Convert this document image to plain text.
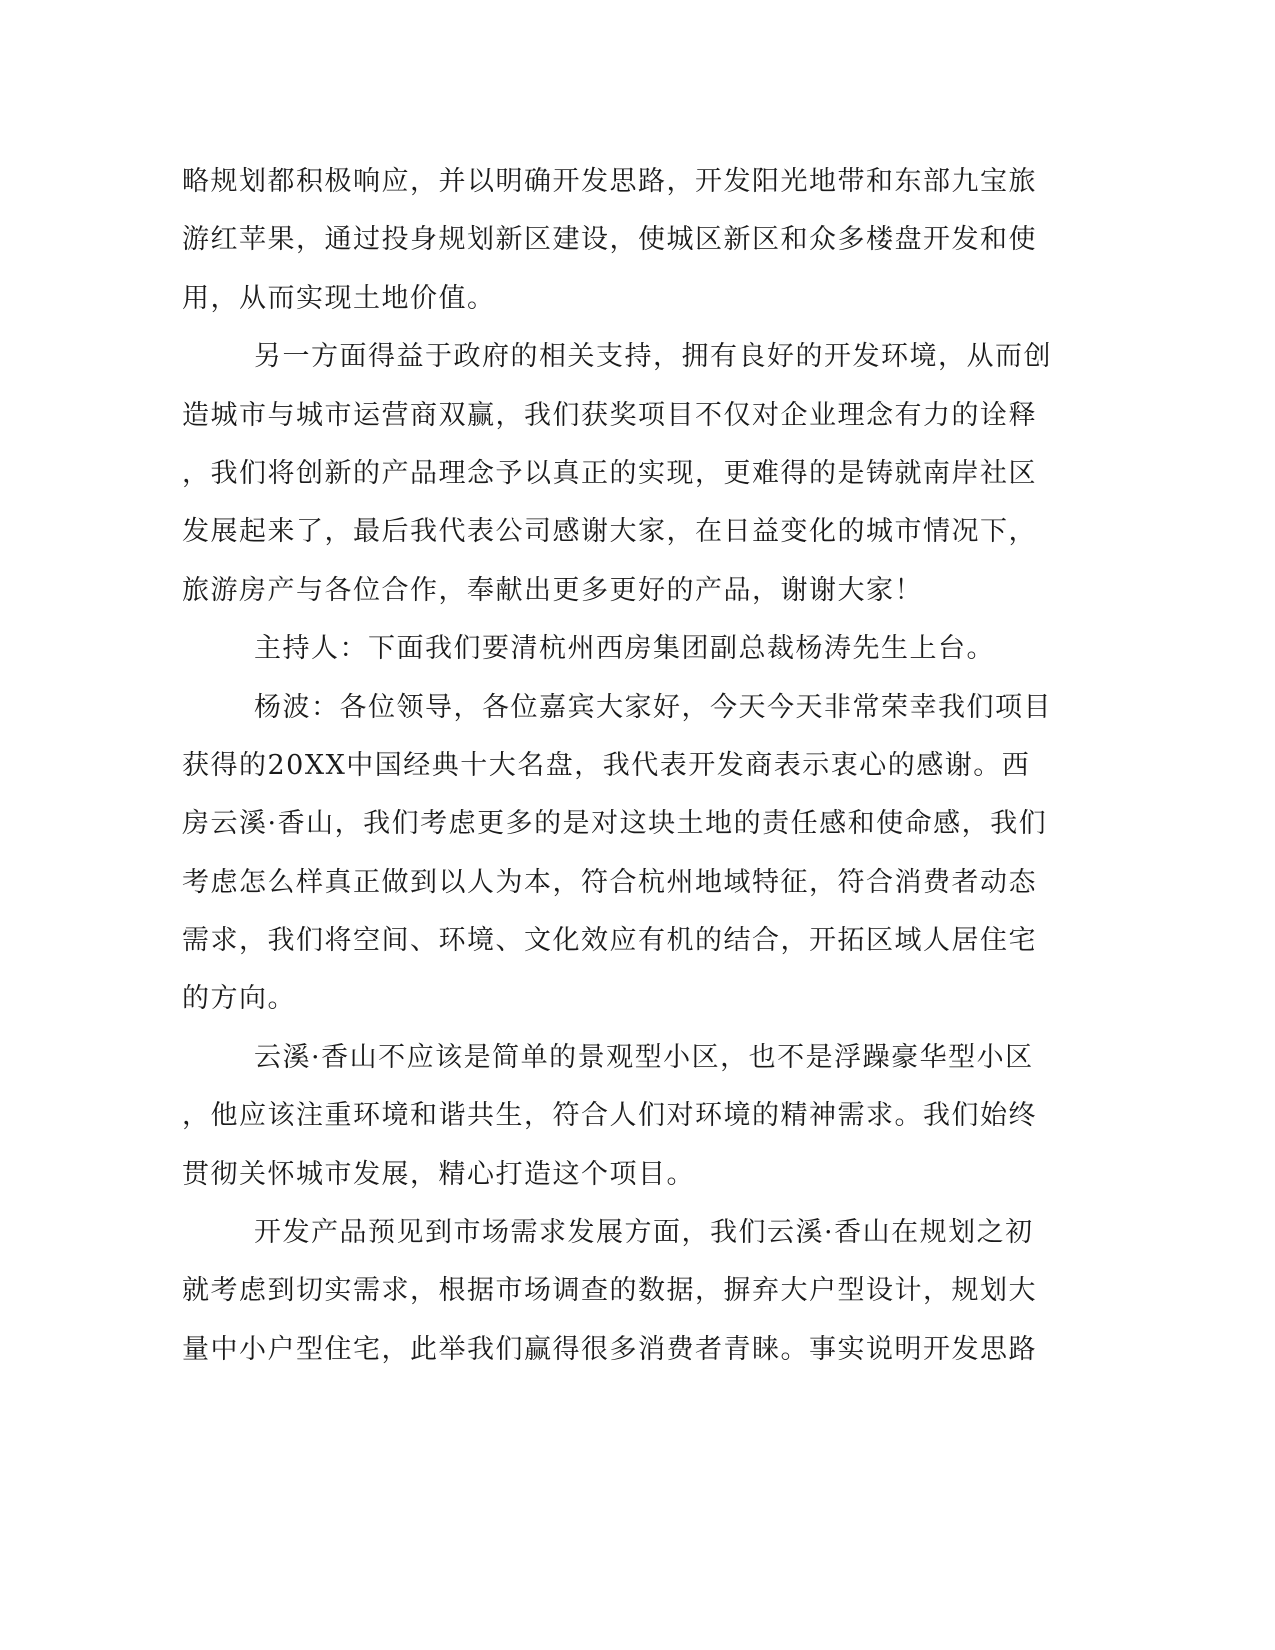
略规划都积极响应，并以明确开发思路，开发阳光地带和东部九宝旅

游红苹果，通过投身规划新区建设，使城区新区和众多楼盘开发和使

用，从而实现土地价值。

另一方面得益于政府的相关支持，拥有良好的开发环境，从而创

造城市与城市运营商双赢，我们获奖项目不仅对企业理念有力的诠释

，我们将创新的产品理念予以真正的实现，更难得的是铸就南岸社区

发展起来了，最后我代表公司感谢大家，在日益变化的城市情况下，

旅游房产与各位合作，奉献出更多更好的产品，谢谢大家！

主持人：下面我们要清杭州西房集团副总裁杨涛先生上台。

杨波：各位领导，各位嘉宾大家好，今天今天非常荣幸我们项目

获得的20XX中国经典十大名盘，我代表开发商表示衷心的感谢。西

房云溪·香山，我们考虑更多的是对这块土地的责任感和使命感，我们

考虑怎么样真正做到以人为本，符合杭州地域特征，符合消费者动态

需求，我们将空间、环境、文化效应有机的结合，开拓区域人居住宅

的方向。

云溪·香山不应该是简单的景观型小区，也不是浮躁豪华型小区

，他应该注重环境和谐共生，符合人们对环境的精神需求。我们始终

贯彻关怀城市发展，精心打造这个项目。

开发产品预见到市场需求发展方面，我们云溪·香山在规划之初

就考虑到切实需求，根据市场调查的数据，摒弃大户型设计，规划大

量中小户型住宅，此举我们赢得很多消费者青睐。事实说明开发思路
